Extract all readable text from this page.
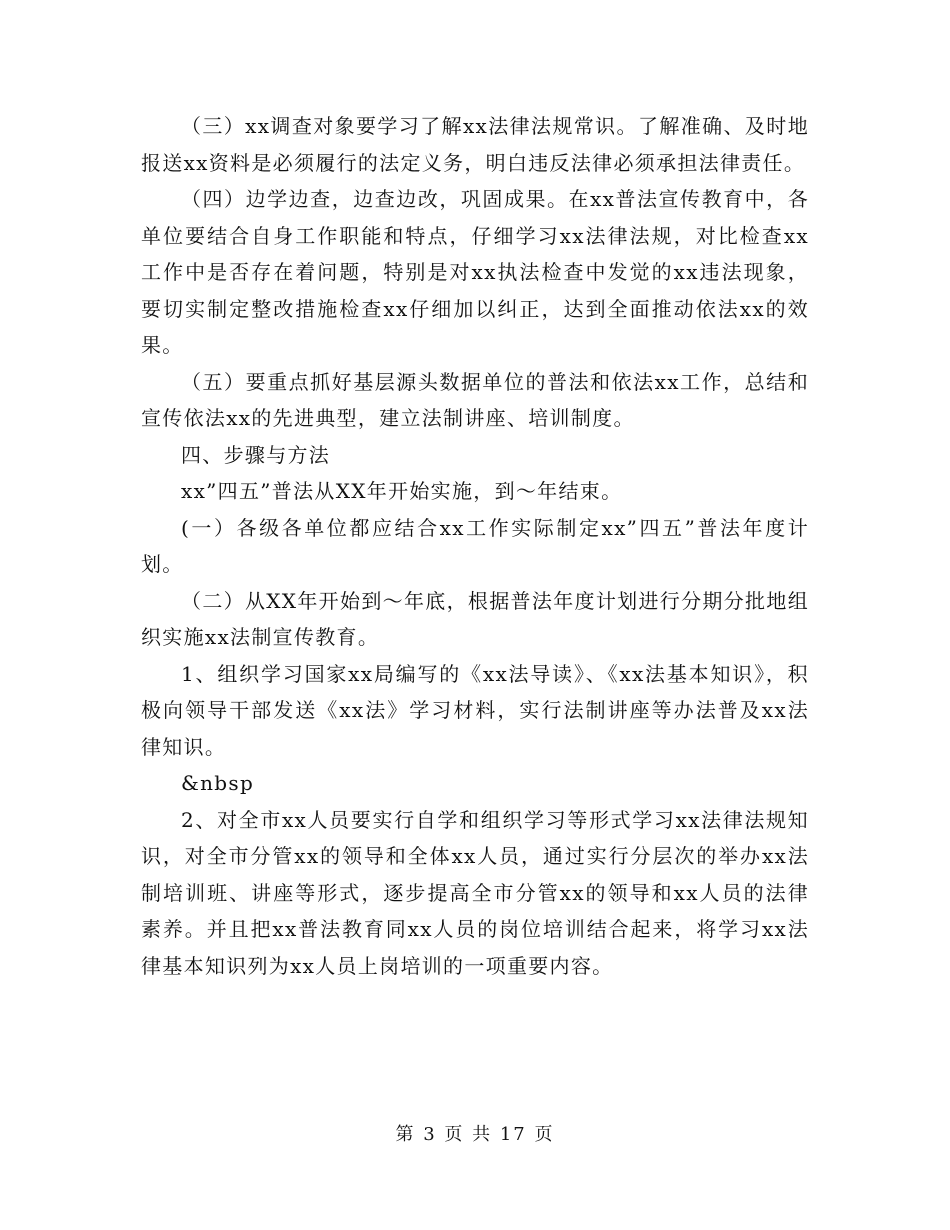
（三）xx调查对象要学习了解xx法律法规常识。了解准确、及时地报送xx资料是必须履行的法定义务，明白违反法律必须承担法律责任。

（四）边学边查，边查边改，巩固成果。在xx普法宣传教育中，各单位要结合自身工作职能和特点，仔细学习xx法律法规，对比检查xx工作中是否存在着问题，特别是对xx执法检查中发觉的xx违法现象，要切实制定整改措施检查xx仔细加以纠正，达到全面推动依法xx的效果。

（五）要重点抓好基层源头数据单位的普法和依法xx工作，总结和宣传依法xx的先进典型，建立法制讲座、培训制度。

四、步骤与方法

xx”四五”普法从XX年开始实施，到～年结束。

(一）各级各单位都应结合xx工作实际制定xx”四五”普法年度计划。

（二）从XX年开始到～年底，根据普法年度计划进行分期分批地组织实施xx法制宣传教育。

1、组织学习国家xx局编写的《xx法导读》、《xx法基本知识》，积极向领导干部发送《xx法》学习材料，实行法制讲座等办法普及xx法律知识。

&nbsp

2、对全市xx人员要实行自学和组织学习等形式学习xx法律法规知识，对全市分管xx的领导和全体xx人员，通过实行分层次的举办xx法制培训班、讲座等形式，逐步提高全市分管xx的领导和xx人员的法律素养。并且把xx普法教育同xx人员的岗位培训结合起来，将学习xx法律基本知识列为xx人员上岗培训的一项重要内容。

第 3 页 共 17 页
